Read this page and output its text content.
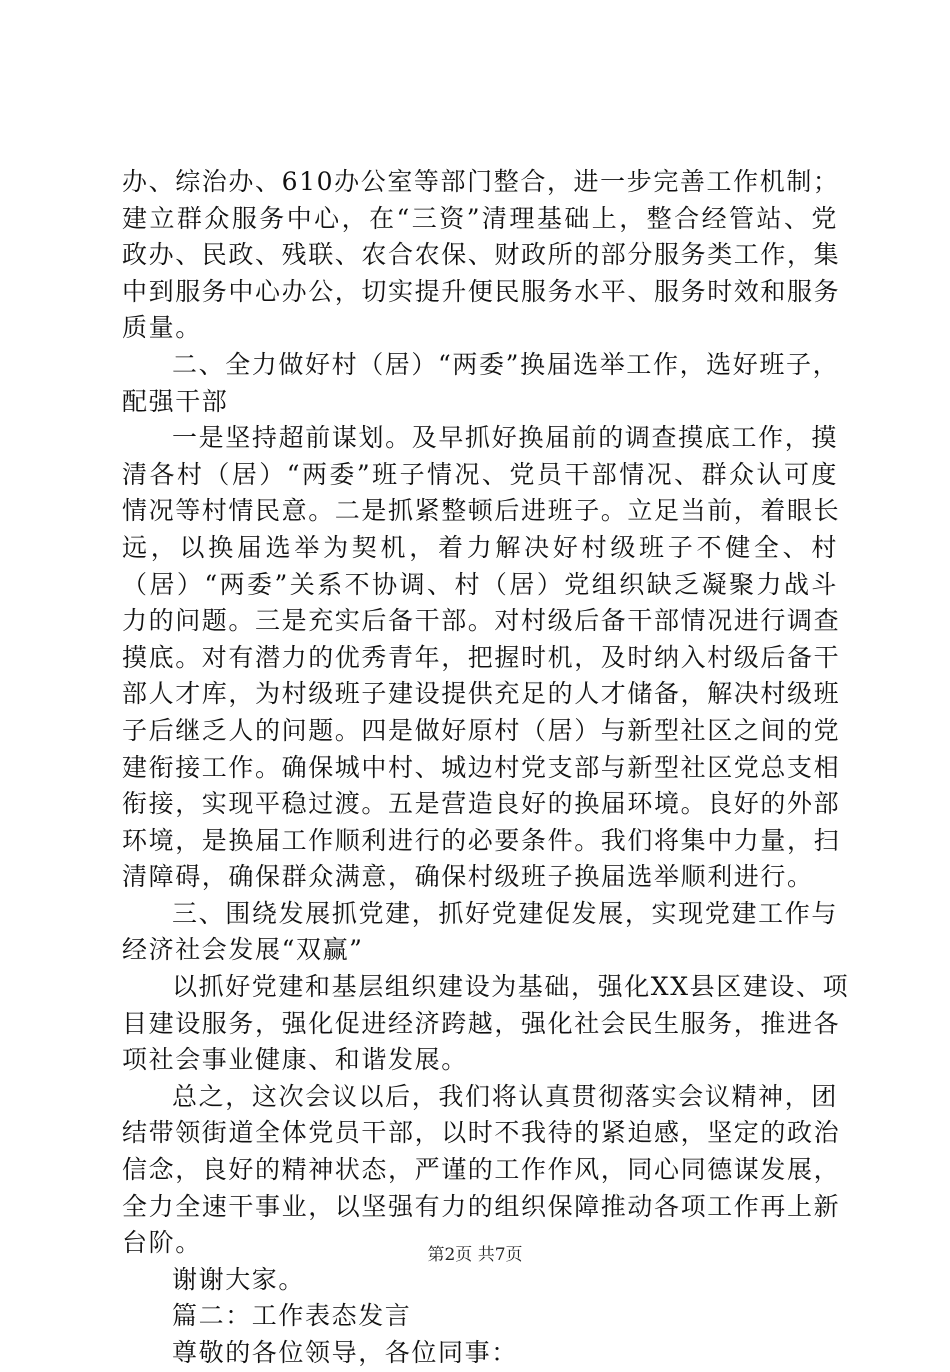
办、综治办、610办公室等部门整合，进一步完善工作机制；
建立群众服务中心，在“三资”清理基础上，整合经管站、党
政办、民政、残联、农合农保、财政所的部分服务类工作，集
中到服务中心办公，切实提升便民服务水平、服务时效和服务
质量。
二、全力做好村（居）“两委”换届选举工作，选好班子，
配强干部
一是坚持超前谋划。及早抓好换届前的调查摸底工作，摸
清各村（居）“两委”班子情况、党员干部情况、群众认可度
情况等村情民意。二是抓紧整顿后进班子。立足当前，着眼长
远，以换届选举为契机，着力解决好村级班子不健全、村
（居）“两委”关系不协调、村（居）党组织缺乏凝聚力战斗
力的问题。三是充实后备干部。对村级后备干部情况进行调查
摸底。对有潜力的优秀青年，把握时机，及时纳入村级后备干
部人才库，为村级班子建设提供充足的人才储备，解决村级班
子后继乏人的问题。四是做好原村（居）与新型社区之间的党
建衔接工作。确保城中村、城边村党支部与新型社区党总支相
衔接，实现平稳过渡。五是营造良好的换届环境。良好的外部
环境，是换届工作顺利进行的必要条件。我们将集中力量，扫
清障碍，确保群众满意，确保村级班子换届选举顺利进行。
三、围绕发展抓党建，抓好党建促发展，实现党建工作与
经济社会发展“双赢”
以抓好党建和基层组织建设为基础，强化XX县区建设、项
目建设服务，强化促进经济跨越，强化社会民生服务，推进各
项社会事业健康、和谐发展。
总之，这次会议以后，我们将认真贯彻落实会议精神，团
结带领街道全体党员干部，以时不我待的紧迫感，坚定的政治
信念，良好的精神状态，严谨的工作作风，同心同德谋发展，
全力全速干事业，以坚强有力的组织保障推动各项工作再上新
台阶。
谢谢大家。
篇二：工作表态发言
尊敬的各位领导，各位同事：
第2页 共7页
